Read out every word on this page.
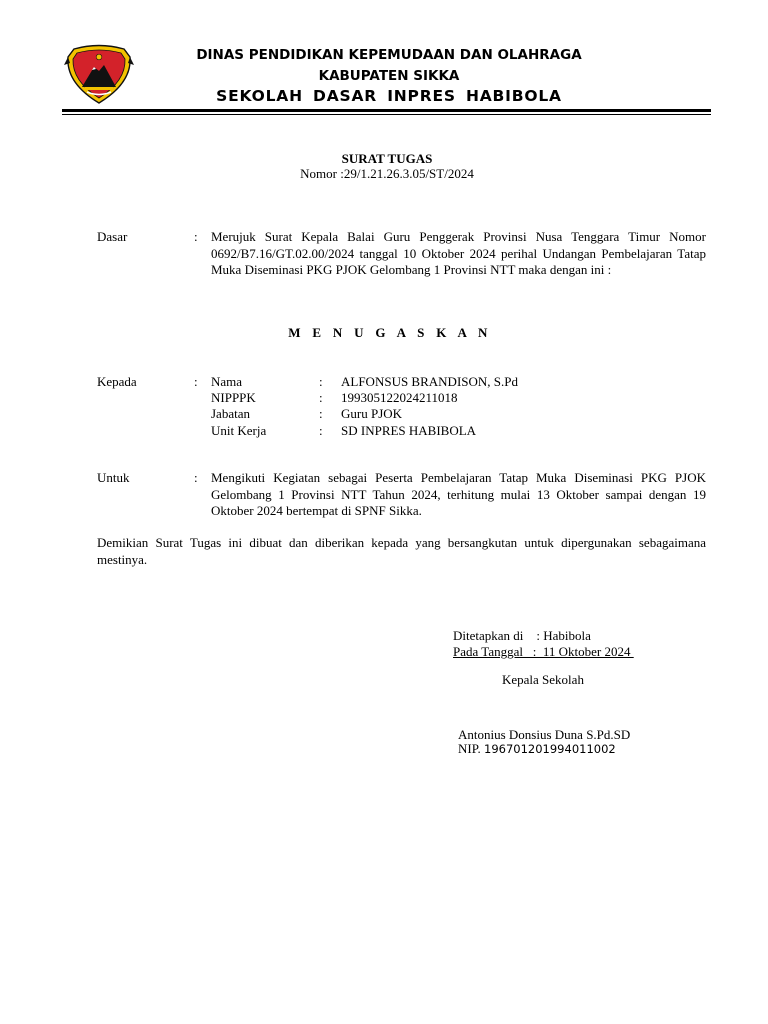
DINAS PENDIDIKAN KEPEMUDAAN DAN OLAHRAGA
KABUPATEN SIKKA
SEKOLAH DASAR INPRES HABIBOLA
SURAT TUGAS
Nomor :29/1.21.26.3.05/ST/2024
Dasar	: Merujuk Surat Kepala Balai Guru Penggerak Provinsi Nusa Tenggara Timur Nomor 0692/B7.16/GT.02.00/2024 tanggal 10 Oktober 2024 perihal Undangan Pembelajaran Tatap Muka Diseminasi PKG PJOK Gelombang 1 Provinsi NTT maka dengan ini :
M E N U G A S K A N
Kepada	: Nama	: ALFONSUS BRANDISON, S.Pd
NIPPPK	: 199305122024211018
Jabatan	: Guru PJOK
Unit Kerja	: SD INPRES HABIBOLA
Untuk	: Mengikuti Kegiatan sebagai Peserta Pembelajaran Tatap Muka Diseminasi PKG PJOK Gelombang 1 Provinsi NTT Tahun 2024, terhitung mulai 13 Oktober sampai dengan 19 Oktober 2024 bertempat di SPNF Sikka.
Demikian Surat Tugas ini dibuat dan diberikan kepada yang bersangkutan untuk dipergunakan sebagaimana mestinya.
Ditetapkan di    : Habibola
Pada Tanggal   :  11 Oktober 2024
Kepala Sekolah
Antonius Donsius Duna S.Pd.SD
NIP. 196701201994011002
